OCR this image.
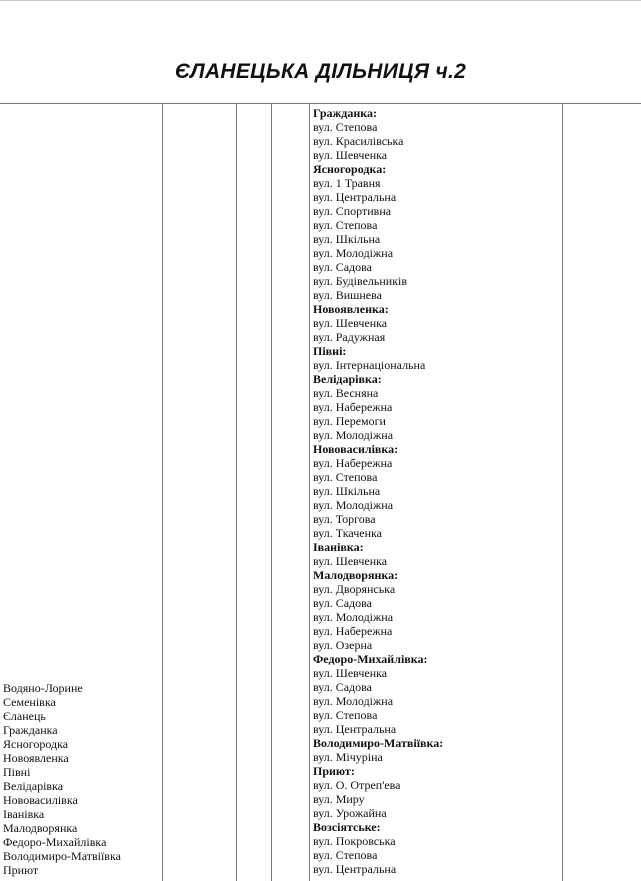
ЄЛАНЕЦЬКА ДІЛЬНИЦЯ ч.2
Водяно-Лорине
Семенівка
Єланець
Гражданка
Ясногородка
Новоявленка
Півні
Велідарівка
Нововасилівка
Іванівка
Малодворянка
Федоро-Михайлівка
Володимиро-Матвіївка
Приют
Гражданка:
вул. Степова
вул. Красилівська
вул. Шевченка
Ясногородка:
вул. 1 Травня
вул. Центральна
вул. Спортивна
вул. Степова
вул. Шкільна
вул. Молодіжна
вул. Садова
вул. Будівельників
вул. Вишнева
Новоявленка:
вул. Шевченка
вул. Радужная
Півні:
вул. Інтернаціональна
Велідарівка:
вул. Весняна
вул. Набережна
вул. Перемоги
вул. Молодіжна
Нововасилівка:
вул. Набережна
вул. Степова
вул. Шкільна
вул. Молодіжна
вул. Торгова
вул. Ткаченка
Іванівка:
вул. Шевченка
Малодворянка:
вул. Дворянська
вул. Садова
вул. Молодіжна
вул. Набережна
вул. Озерна
Федоро-Михайлівка:
вул. Шевченка
вул. Садова
вул. Молодіжна
вул. Степова
вул. Центральна
Володимиро-Матвіївка:
вул. Мічуріна
Приют:
вул. О. Отреп'ева
вул. Миру
вул. Урожайна
Возсіятське:
вул. Покровська
вул. Степова
вул. Центральна
